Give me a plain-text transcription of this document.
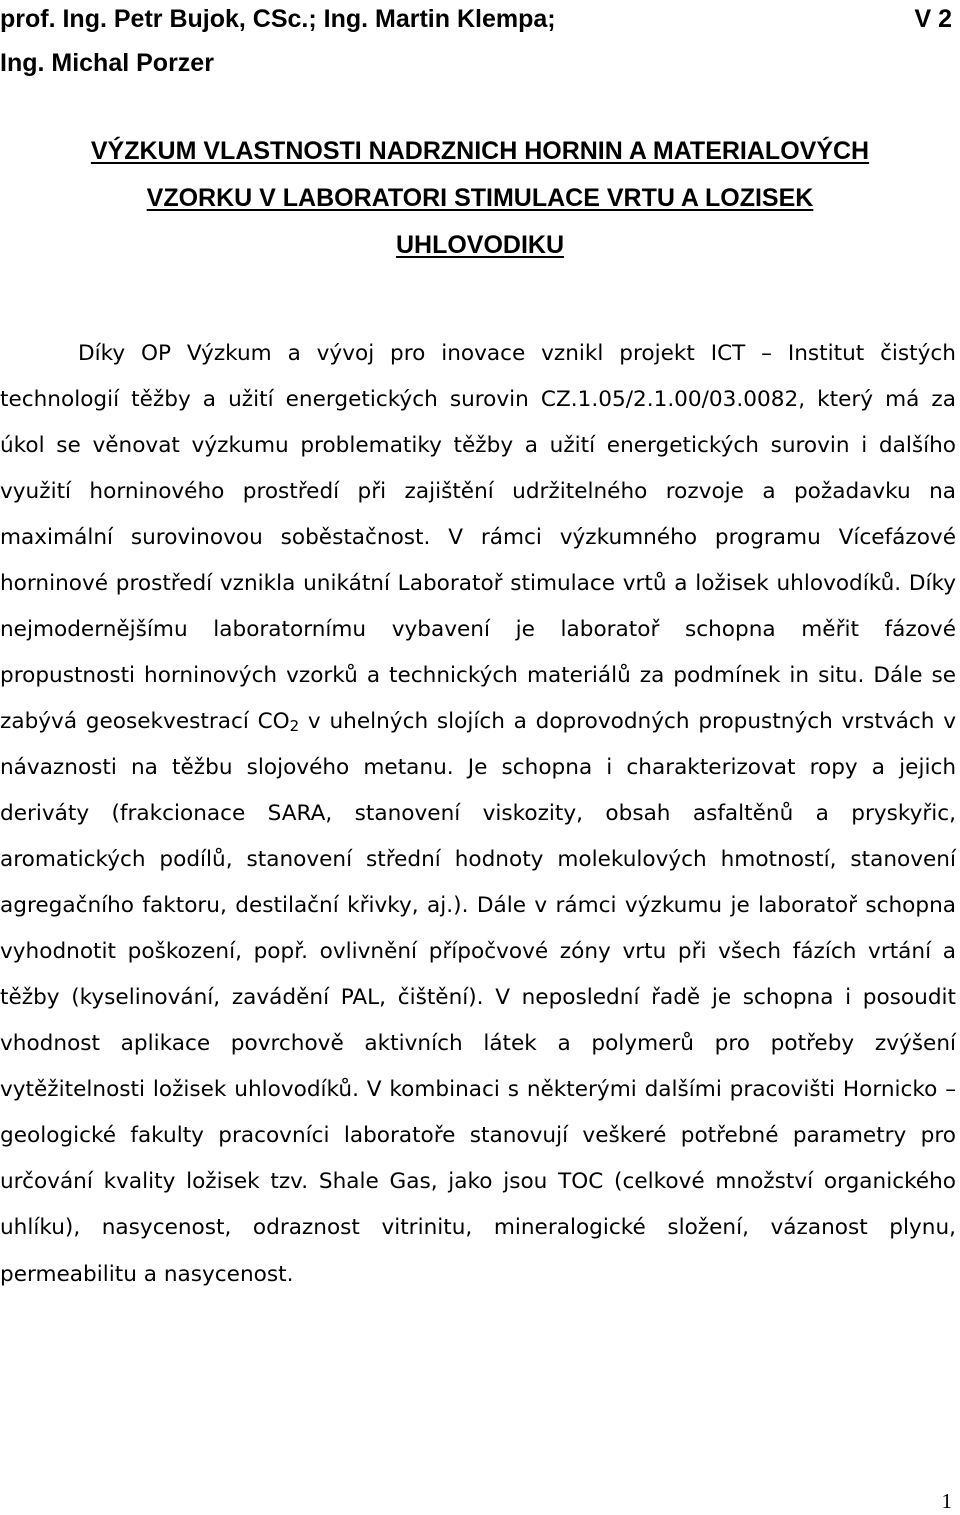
prof. Ing. Petr Bujok, CSc.; Ing. Martin Klempa;	V 2
Ing. Michal Porzer
VÝZKUM VLASTNOSTI NADRZNICH HORNIN A MATERIALOVÝCH
VZORKU V LABORATORI STIMULACE VRTU A LOZISEK
UHLOVODIKU

Díky OP Výzkum a vývoj pro inovace vznikl projekt ICT – Institut čistých technologií těžby a užití energetických surovin CZ.1.05/2.1.00/03.0082, který má za úkol se věnovat výzkumu problematiky těžby a užití energetických surovin i dalšího využití horninového prostředí při zajištění udržitelného rozvoje a požadavku na maximální surovinovou soběstačnost. V rámci výzkumného programu Vícefázové horninové prostředí vznikla unikátní Laboratoř stimulace vrtů a ložisek uhlovodíků. Díky nejmodernějšímu laboratornímu vybavení je laboratoř schopna měřit fázové propustnosti horninových vzorků a technických materiálů za podmínek in situ. Dále se zabývá geosekvestrací $CO_2$ v uhelných slojích a doprovodných propustných vrstvách v návaznosti na těžbu slojového metanu. Je schopna i charakterizovat ropy a jejich deriváty (frakcionace SARA, stanovení viskozity, obsah asfaltěnů a pryskyřic, aromatických podílů, stanovení střední hodnoty molekulových hmotností, stanovení agregačního faktoru, destilační křivky, aj.). Dále v rámci výzkumu je laboratoř schopna vyhodnotit poškození, popř. ovlivnění přípočvové zóny vrtu při všech fázích vrtání a těžby (kyselinování, zavádění PAL, čištění). V neposlední řadě je schopna i posoudit vhodnost aplikace povrchově aktivních látek a polymerů pro potřeby zvýšení vytěžitelnosti ložisek uhlovodíků. V kombinaci s některými dalšími pracovišti Hornicko – geologické fakulty pracovníci laboratoře stanovují veškeré potřebné parametry pro určování kvality ložisek tzv. Shale Gas, jako jsou TOC (celkové množství organického uhlíku), nasycenost, odraznost vitrinitu, mineralogické složení, vázanost plynu, permeabilitu a nasycenost.

1
